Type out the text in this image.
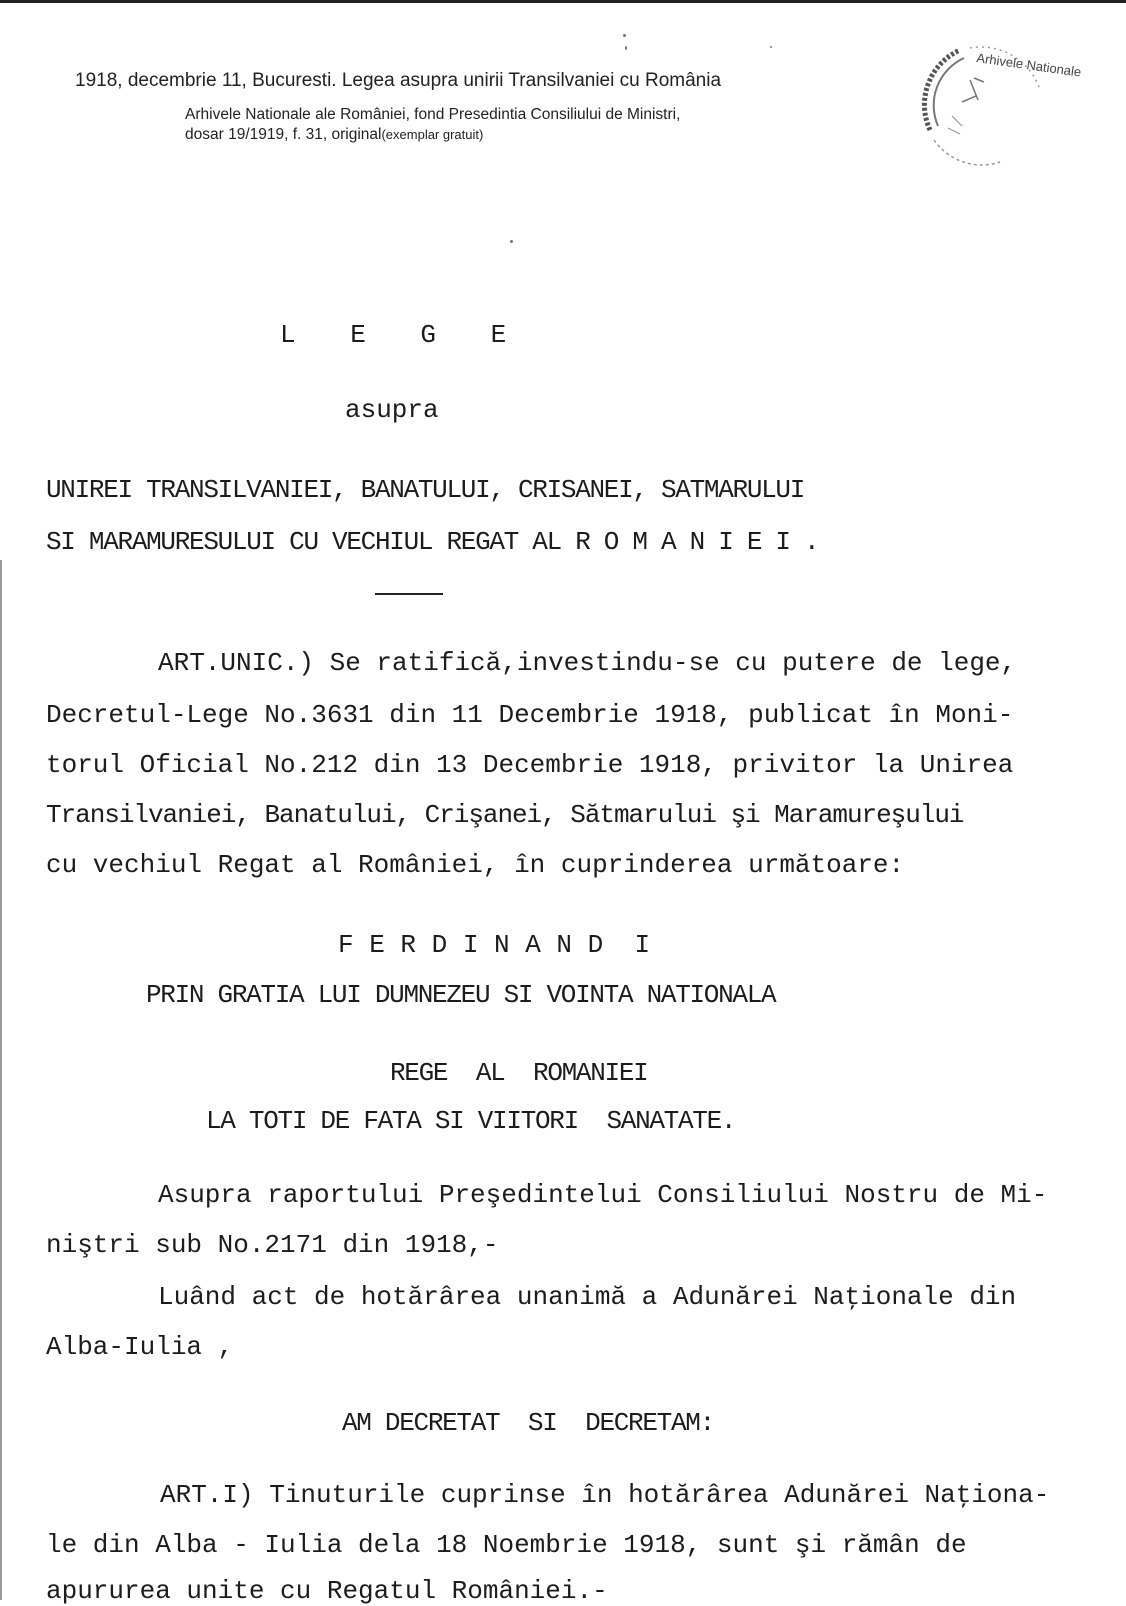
1918, decembrie 11, Bucuresti. Legea asupra unirii Transilvaniei cu România
Arhivele Nationale ale României, fond Presedintia Consiliului de Ministri,
dosar 19/1919, f. 31, original(exemplar gratuit)
Arhivele Nationale
L E G E
asupra
UNIREI TRANSILVANIEI, BANATULUI, CRISANEI, SATMARULUI
SI MARAMURESULUI CU VECHIUL REGAT AL R O M A N I E I .
ART.UNIC.) Se ratifică,investindu-se cu putere de lege,
Decretul-Lege No.3631 din 11 Decembrie 1918, publicat în Moni-
torul Oficial No.212 din 13 Decembrie 1918, privitor la Unirea
Transilvaniei, Banatului, Crişanei, Sătmarului şi Maramureşului
cu vechiul Regat al României, în cuprinderea următoare:
F E R D I N A N D  I
PRIN GRATIA LUI DUMNEZEU SI VOINTA NATIONALA
REGE  AL  ROMANIEI
LA TOTI DE FATA SI VIITORI  SANATATE.
Asupra raportului Preşedintelui Consiliului Nostru de Mi-
niştri sub No.2171 din 1918,-
Luând act de hotărârea unanimă a Adunărei Naţionale din
Alba-Iulia ,
AM DECRETAT  SI  DECRETAM:
ART.I) Tinuturile cuprinse în hotărârea Adunărei Naţiona-
le din Alba - Iulia dela 18 Noembrie 1918, sunt şi rămân de
apururea unite cu Regatul României.-
